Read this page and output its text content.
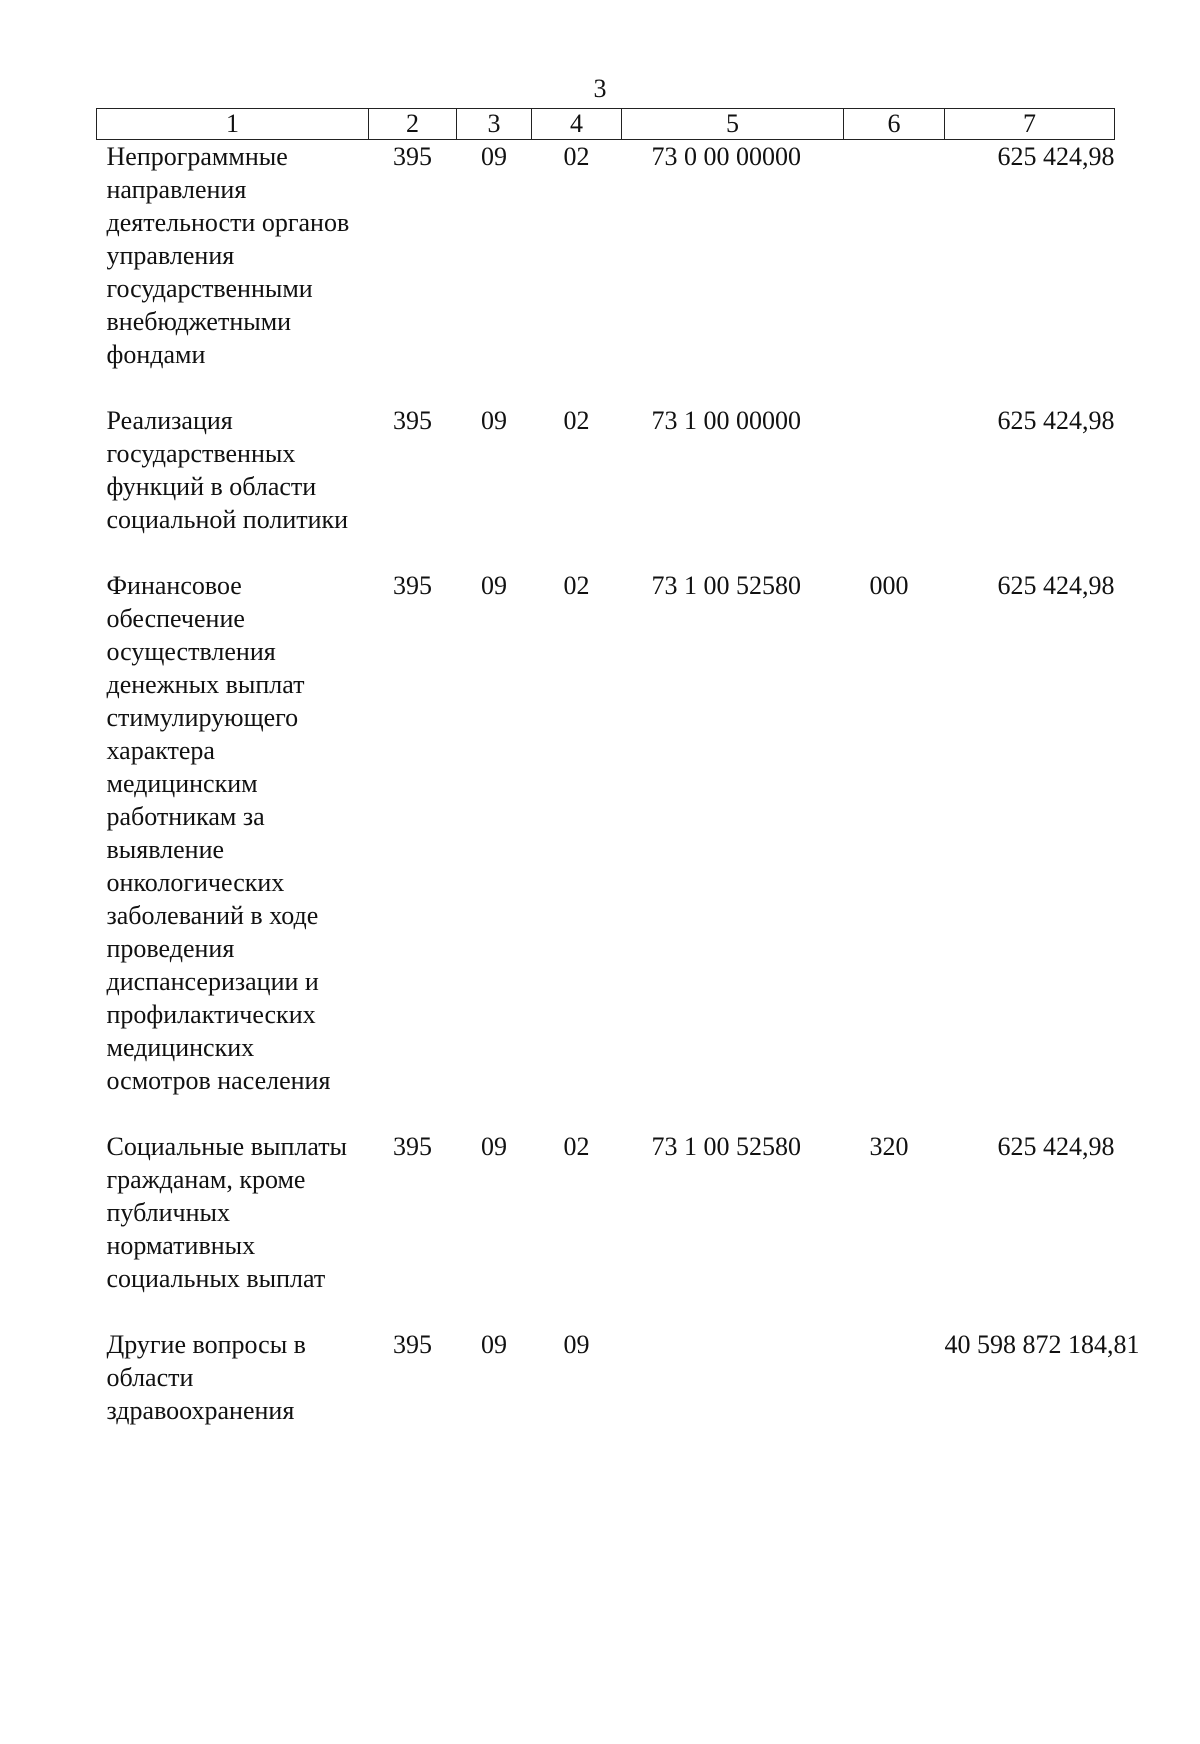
3
1	2	3	4	5	6	7
Непрограммные направления деятельности органов управления государственными внебюджетными фондами	395	09	02	73 0 00 00000		625 424,98

Реализация государственных функций в области социальной политики	395	09	02	73 1 00 00000		625 424,98

Финансовое обеспечение осуществления денежных выплат стимулирующего характера медицинским работникам за выявление онкологических заболеваний в ходе проведения диспансеризации и профилактических медицинских осмотров населения	395	09	02	73 1 00 52580	000	625 424,98

Социальные выплаты гражданам, кроме публичных нормативных социальных выплат	395	09	02	73 1 00 52580	320	625 424,98

Другие вопросы в области здравоохранения	395	09	09			40 598 872 184,81
